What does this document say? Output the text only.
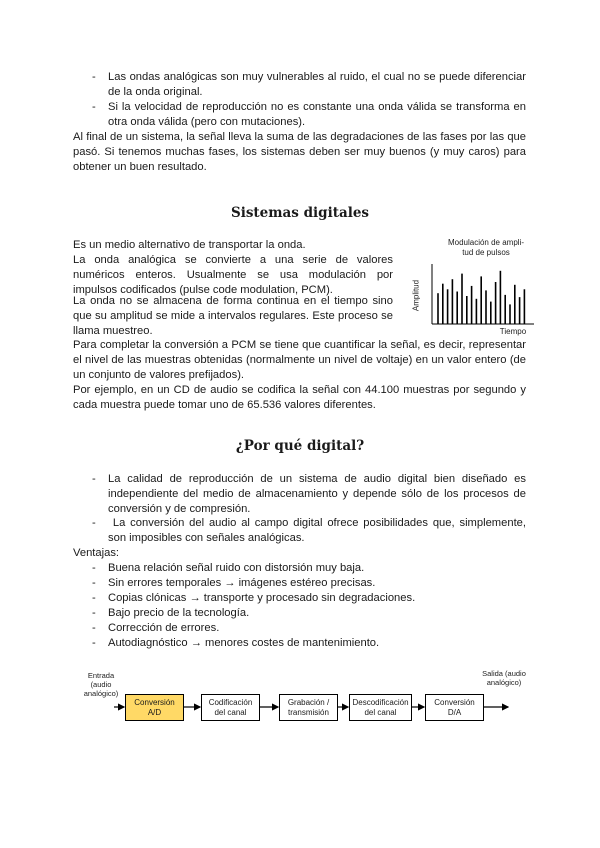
- Las ondas analógicas son muy vulnerables al ruido, el cual no se puede diferenciar de la onda original.
- Si la velocidad de reproducción no es constante una onda válida se transforma en otra onda válida (pero con mutaciones).
Al final de un sistema, la señal lleva la suma de las degradaciones de las fases por las que pasó. Si tenemos muchas fases, los sistemas deben ser muy buenos (y muy caros) para obtener un buen resultado.
Sistemas digitales
Es un medio alternativo de transportar la onda.
La onda analógica se convierte a una serie de valores numéricos enteros. Usualmente se usa modulación por impulsos codificados (pulse code modulation, PCM).
La onda no se almacena de forma continua en el tiempo sino que su amplitud se mide a intervalos regulares. Este proceso se llama muestreo.
Para completar la conversión a PCM se tiene que cuantificar la señal, es decir, representar el nivel de las muestras obtenidas (normalmente un nivel de voltaje) en un valor entero (de un conjunto de valores prefijados).
Por ejemplo, en un CD de audio se codifica la señal con 44.100 muestras por segundo y cada muestra puede tomar uno de 65.536 valores diferentes.
Modulación de ampli-
tud de pulsos
Amplitud
Tiempo
¿Por qué digital?
- La calidad de reproducción de un sistema de audio digital bien diseñado es independiente del medio de almacenamiento y depende sólo de los procesos de conversión y de compresión.
- La conversión del audio al campo digital ofrece posibilidades que, simplemente, son imposibles con señales analógicas.
Ventajas:
- Buena relación señal ruido con distorsión muy baja.
- Sin errores temporales → imágenes estéreo precisas.
- Copias clónicas → transporte y procesado sin degradaciones.
- Bajo precio de la tecnología.
- Corrección de errores.
- Autodiagnóstico → menores costes de mantenimiento.
Entrada (audio analógico)
Salida (audio analógico)
Conversión
A/D
Codificación
del canal
Grabación /
transmisión
Descodificación
del canal
Conversión
D/A
